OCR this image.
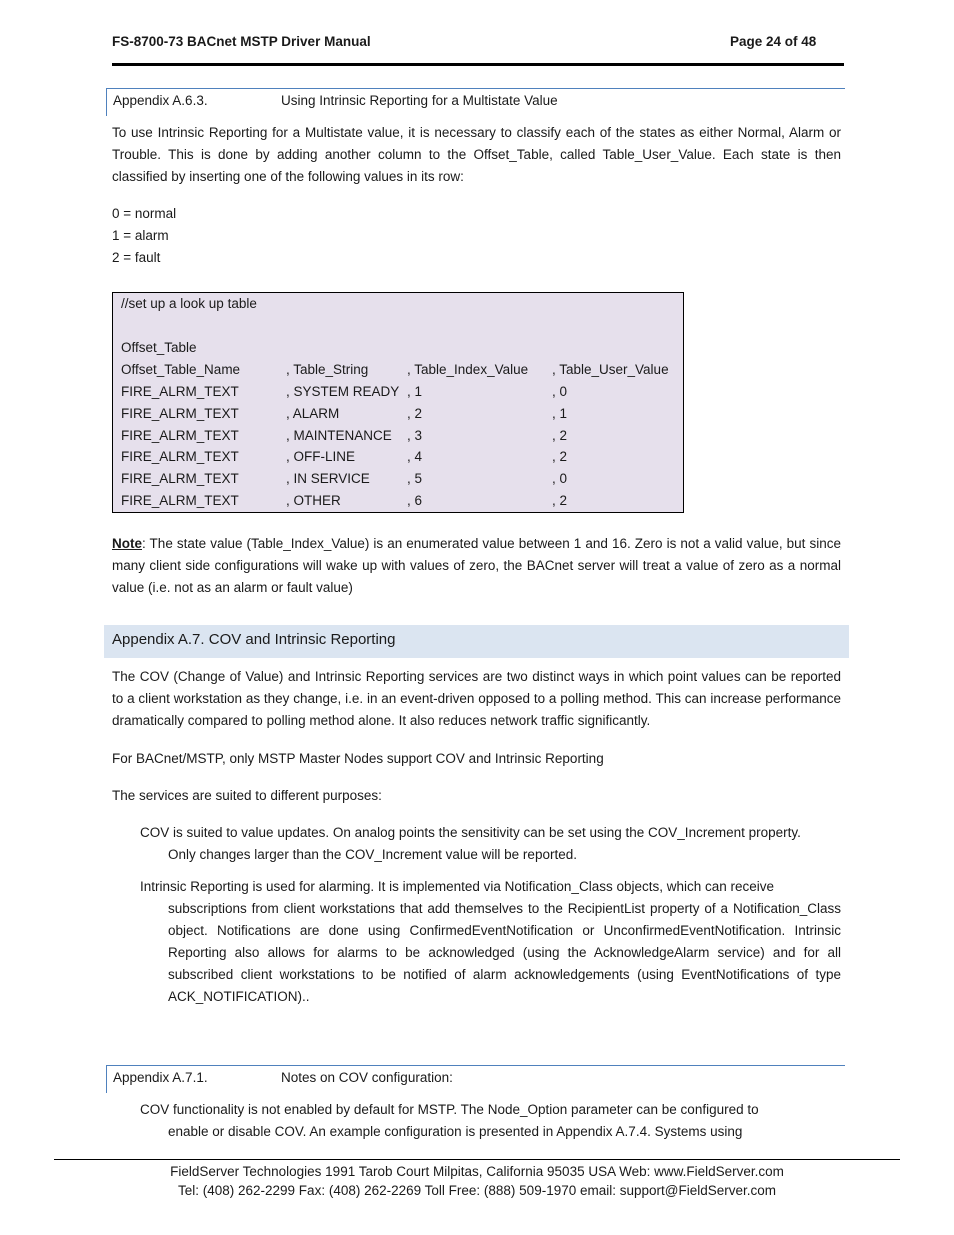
FS-8700-73 BACnet MSTP Driver Manual	Page 24 of 48
Appendix A.6.3.	Using Intrinsic Reporting for a Multistate Value
To use Intrinsic Reporting for a Multistate value, it is necessary to classify each of the states as either Normal, Alarm or Trouble. This is done by adding another column to the Offset_Table, called Table_User_Value. Each state is then classified by inserting one of the following values in its row:
0 = normal
1 = alarm
2 = fault
//set up a look up table
Offset_Table
Offset_Table_Name	, Table_String	, Table_Index_Value , Table_User_Value
FIRE_ALRM_TEXT	, SYSTEM READY , 1	, 0
FIRE_ALRM_TEXT	, ALARM	, 2	, 1
FIRE_ALRM_TEXT	, MAINTENANCE , 3	, 2
FIRE_ALRM_TEXT	, OFF-LINE	, 4	, 2
FIRE_ALRM_TEXT	, IN SERVICE	, 5	, 0
FIRE_ALRM_TEXT	, OTHER	, 6	, 2
Note: The state value (Table_Index_Value) is an enumerated value between 1 and 16. Zero is not a valid value, but since many client side configurations will wake up with values of zero, the BACnet server will treat a value of zero as a normal value (i.e. not as an alarm or fault value)
Appendix A.7. COV and Intrinsic Reporting
The COV (Change of Value) and Intrinsic Reporting services are two distinct ways in which point values can be reported to a client workstation as they change, i.e. in an event-driven opposed to a polling method. This can increase performance dramatically compared to polling method alone. It also reduces network traffic significantly.
For BACnet/MSTP, only MSTP Master Nodes support COV and Intrinsic Reporting
The services are suited to different purposes:
COV is suited to value updates. On analog points the sensitivity can be set using the COV_Increment property.
Only changes larger than the COV_Increment value will be reported.
Intrinsic Reporting is used for alarming. It is implemented via Notification_Class objects, which can receive
subscriptions from client workstations that add themselves to the RecipientList property of a Notification_Class object. Notifications are done using ConfirmedEventNotification or UnconfirmedEventNotification. Intrinsic Reporting also allows for alarms to be acknowledged (using the AcknowledgeAlarm service) and for all subscribed client workstations to be notified of alarm acknowledgements (using EventNotifications of type ACK_NOTIFICATION)..
Appendix A.7.1.	Notes on COV configuration:
COV functionality is not enabled by default for MSTP. The Node_Option parameter can be configured to
enable or disable COV. An example configuration is presented in Appendix A.7.4. Systems using
FieldServer Technologies 1991 Tarob Court Milpitas, California 95035 USA Web: www.FieldServer.com
Tel: (408) 262-2299 Fax: (408) 262-2269 Toll Free: (888) 509-1970 email: support@FieldServer.com
